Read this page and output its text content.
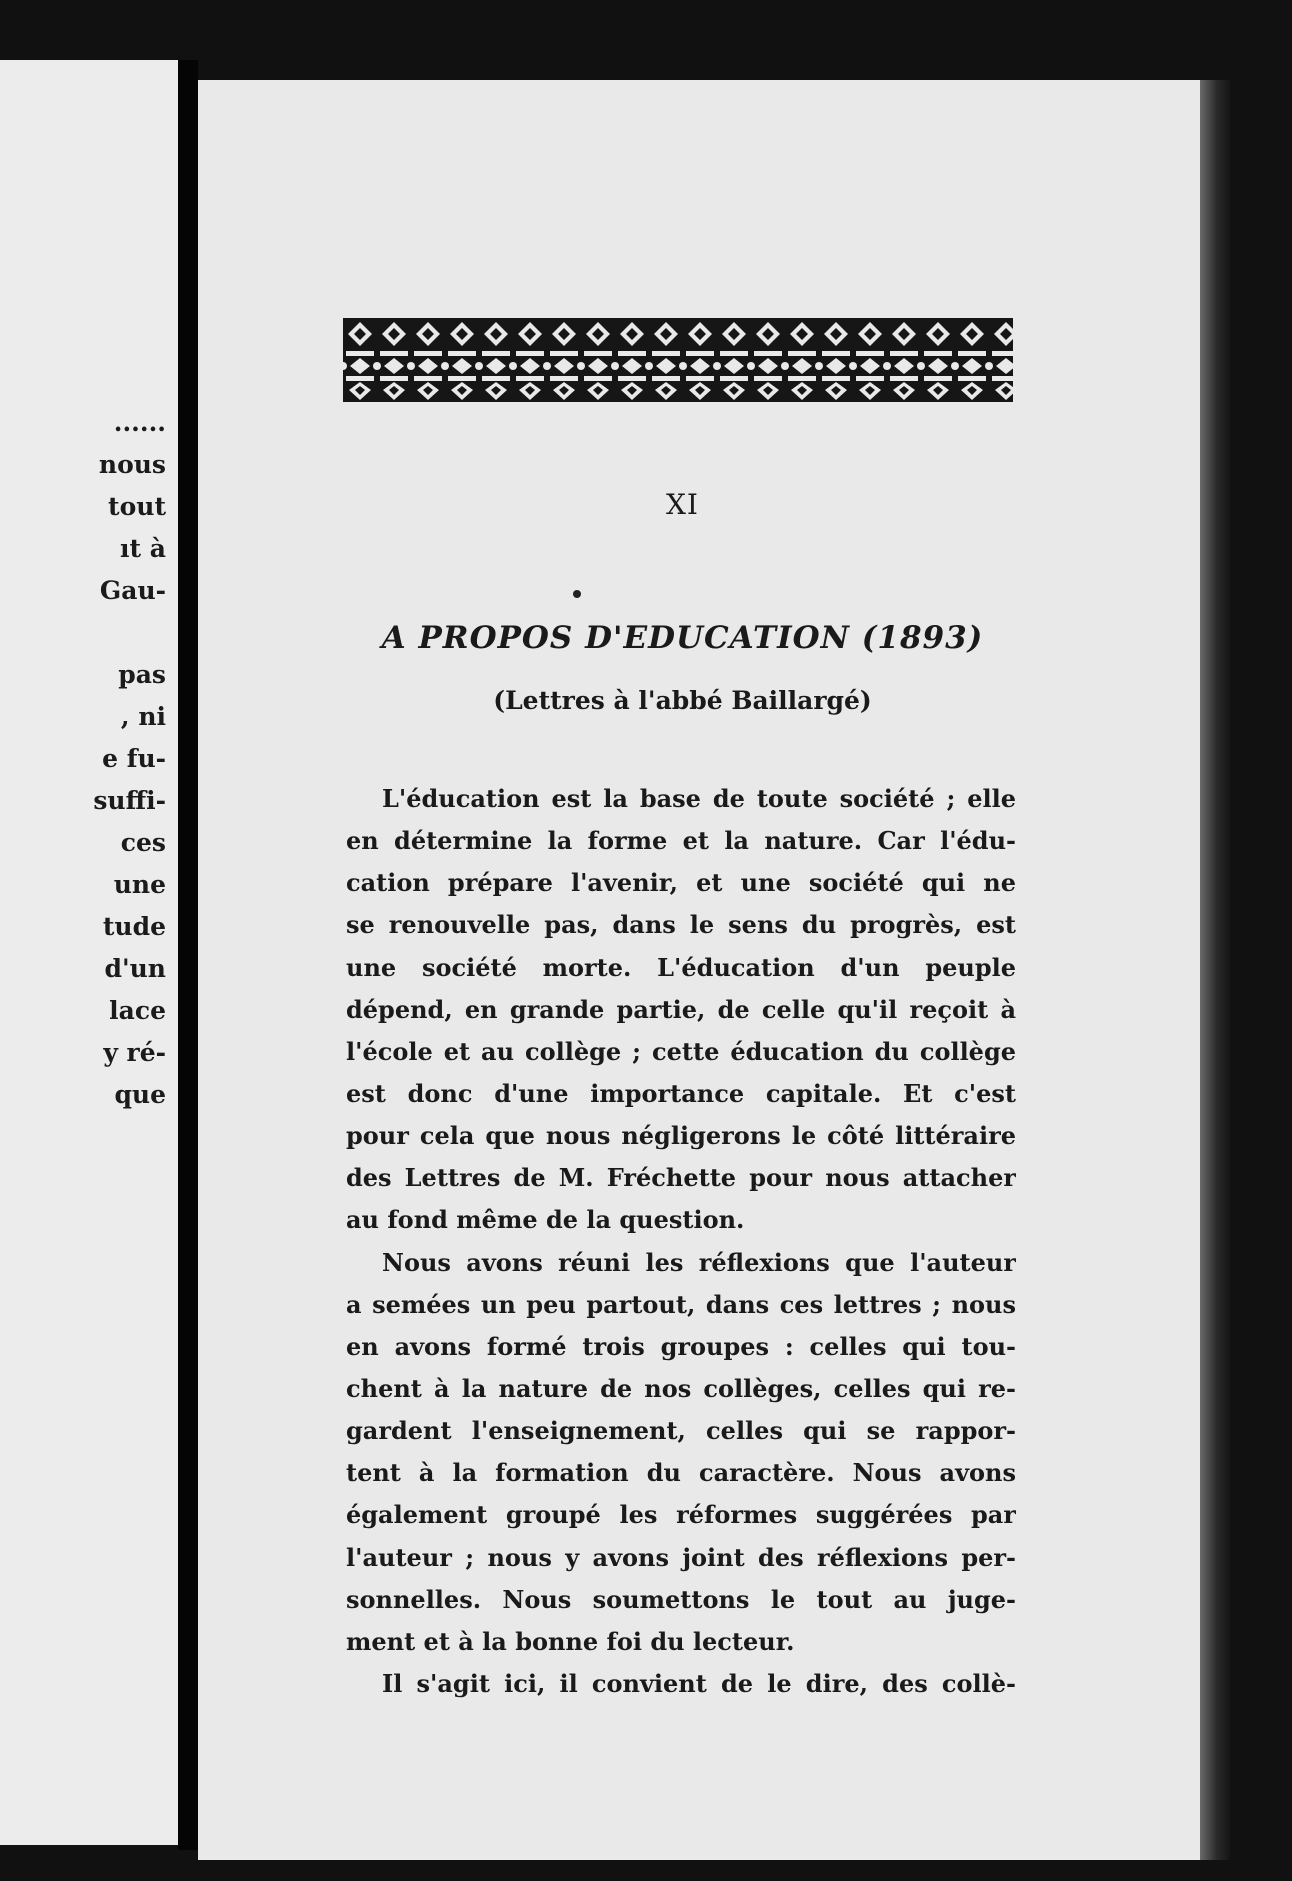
......
nous
tout
ıt à
Gau-
pas
, ni
e fu-
suffi-
ces
une
tude
d'un
lace
y ré-
que
XI
A PROPOS D'EDUCATION (1893)
(Lettres à l'abbé Baillargé)
L'éducation est la base de toute société ; elle
en détermine la forme et la nature. Car l'édu-
cation prépare l'avenir, et une société qui ne
se renouvelle pas, dans le sens du progrès, est
une société morte. L'éducation d'un peuple
dépend, en grande partie, de celle qu'il reçoit à
l'école et au collège ; cette éducation du collège
est donc d'une importance capitale. Et c'est
pour cela que nous négligerons le côté littéraire
des Lettres de M. Fréchette pour nous attacher
au fond même de la question.
Nous avons réuni les réflexions que l'auteur
a semées un peu partout, dans ces lettres ; nous
en avons formé trois groupes : celles qui tou-
chent à la nature de nos collèges, celles qui re-
gardent l'enseignement, celles qui se rappor-
tent à la formation du caractère. Nous avons
également groupé les réformes suggérées par
l'auteur ; nous y avons joint des réflexions per-
sonnelles. Nous soumettons le tout au juge-
ment et à la bonne foi du lecteur.
Il s'agit ici, il convient de le dire, des collè-
